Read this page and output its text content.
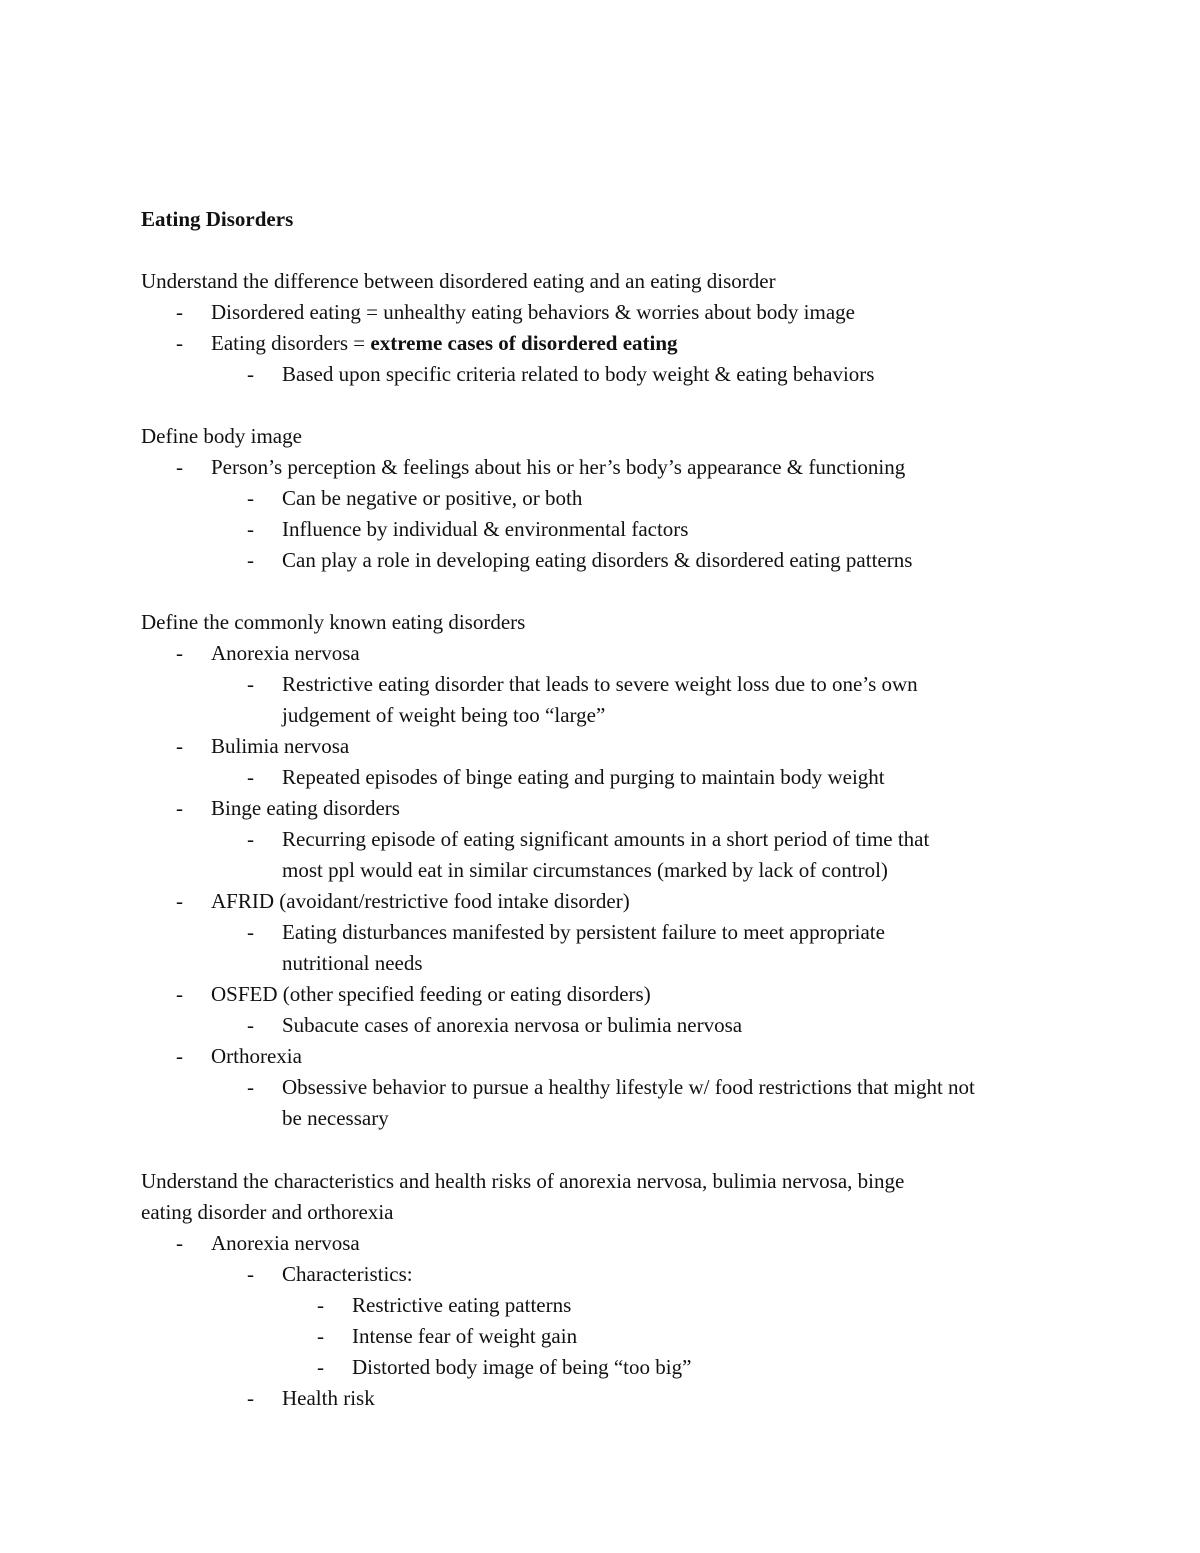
Eating Disorders
Understand the difference between disordered eating and an eating disorder
- Disordered eating = unhealthy eating behaviors & worries about body image
- Eating disorders = extreme cases of disordered eating
- Based upon specific criteria related to body weight & eating behaviors
Define body image
- Person’s perception & feelings about his or her’s body’s appearance & functioning
- Can be negative or positive, or both
- Influence by individual & environmental factors
- Can play a role in developing eating disorders & disordered eating patterns
Define the commonly known eating disorders
- Anorexia nervosa
- Restrictive eating disorder that leads to severe weight loss due to one’s own
judgement of weight being too “large”
- Bulimia nervosa
- Repeated episodes of binge eating and purging to maintain body weight
- Binge eating disorders
- Recurring episode of eating significant amounts in a short period of time that
most ppl would eat in similar circumstances (marked by lack of control)
- AFRID (avoidant/restrictive food intake disorder)
- Eating disturbances manifested by persistent failure to meet appropriate
nutritional needs
- OSFED (other specified feeding or eating disorders)
- Subacute cases of anorexia nervosa or bulimia nervosa
- Orthorexia
- Obsessive behavior to pursue a healthy lifestyle w/ food restrictions that might not
be necessary
Understand the characteristics and health risks of anorexia nervosa, bulimia nervosa, binge
eating disorder and orthorexia
- Anorexia nervosa
- Characteristics:
- Restrictive eating patterns
- Intense fear of weight gain
- Distorted body image of being “too big”
- Health risk
